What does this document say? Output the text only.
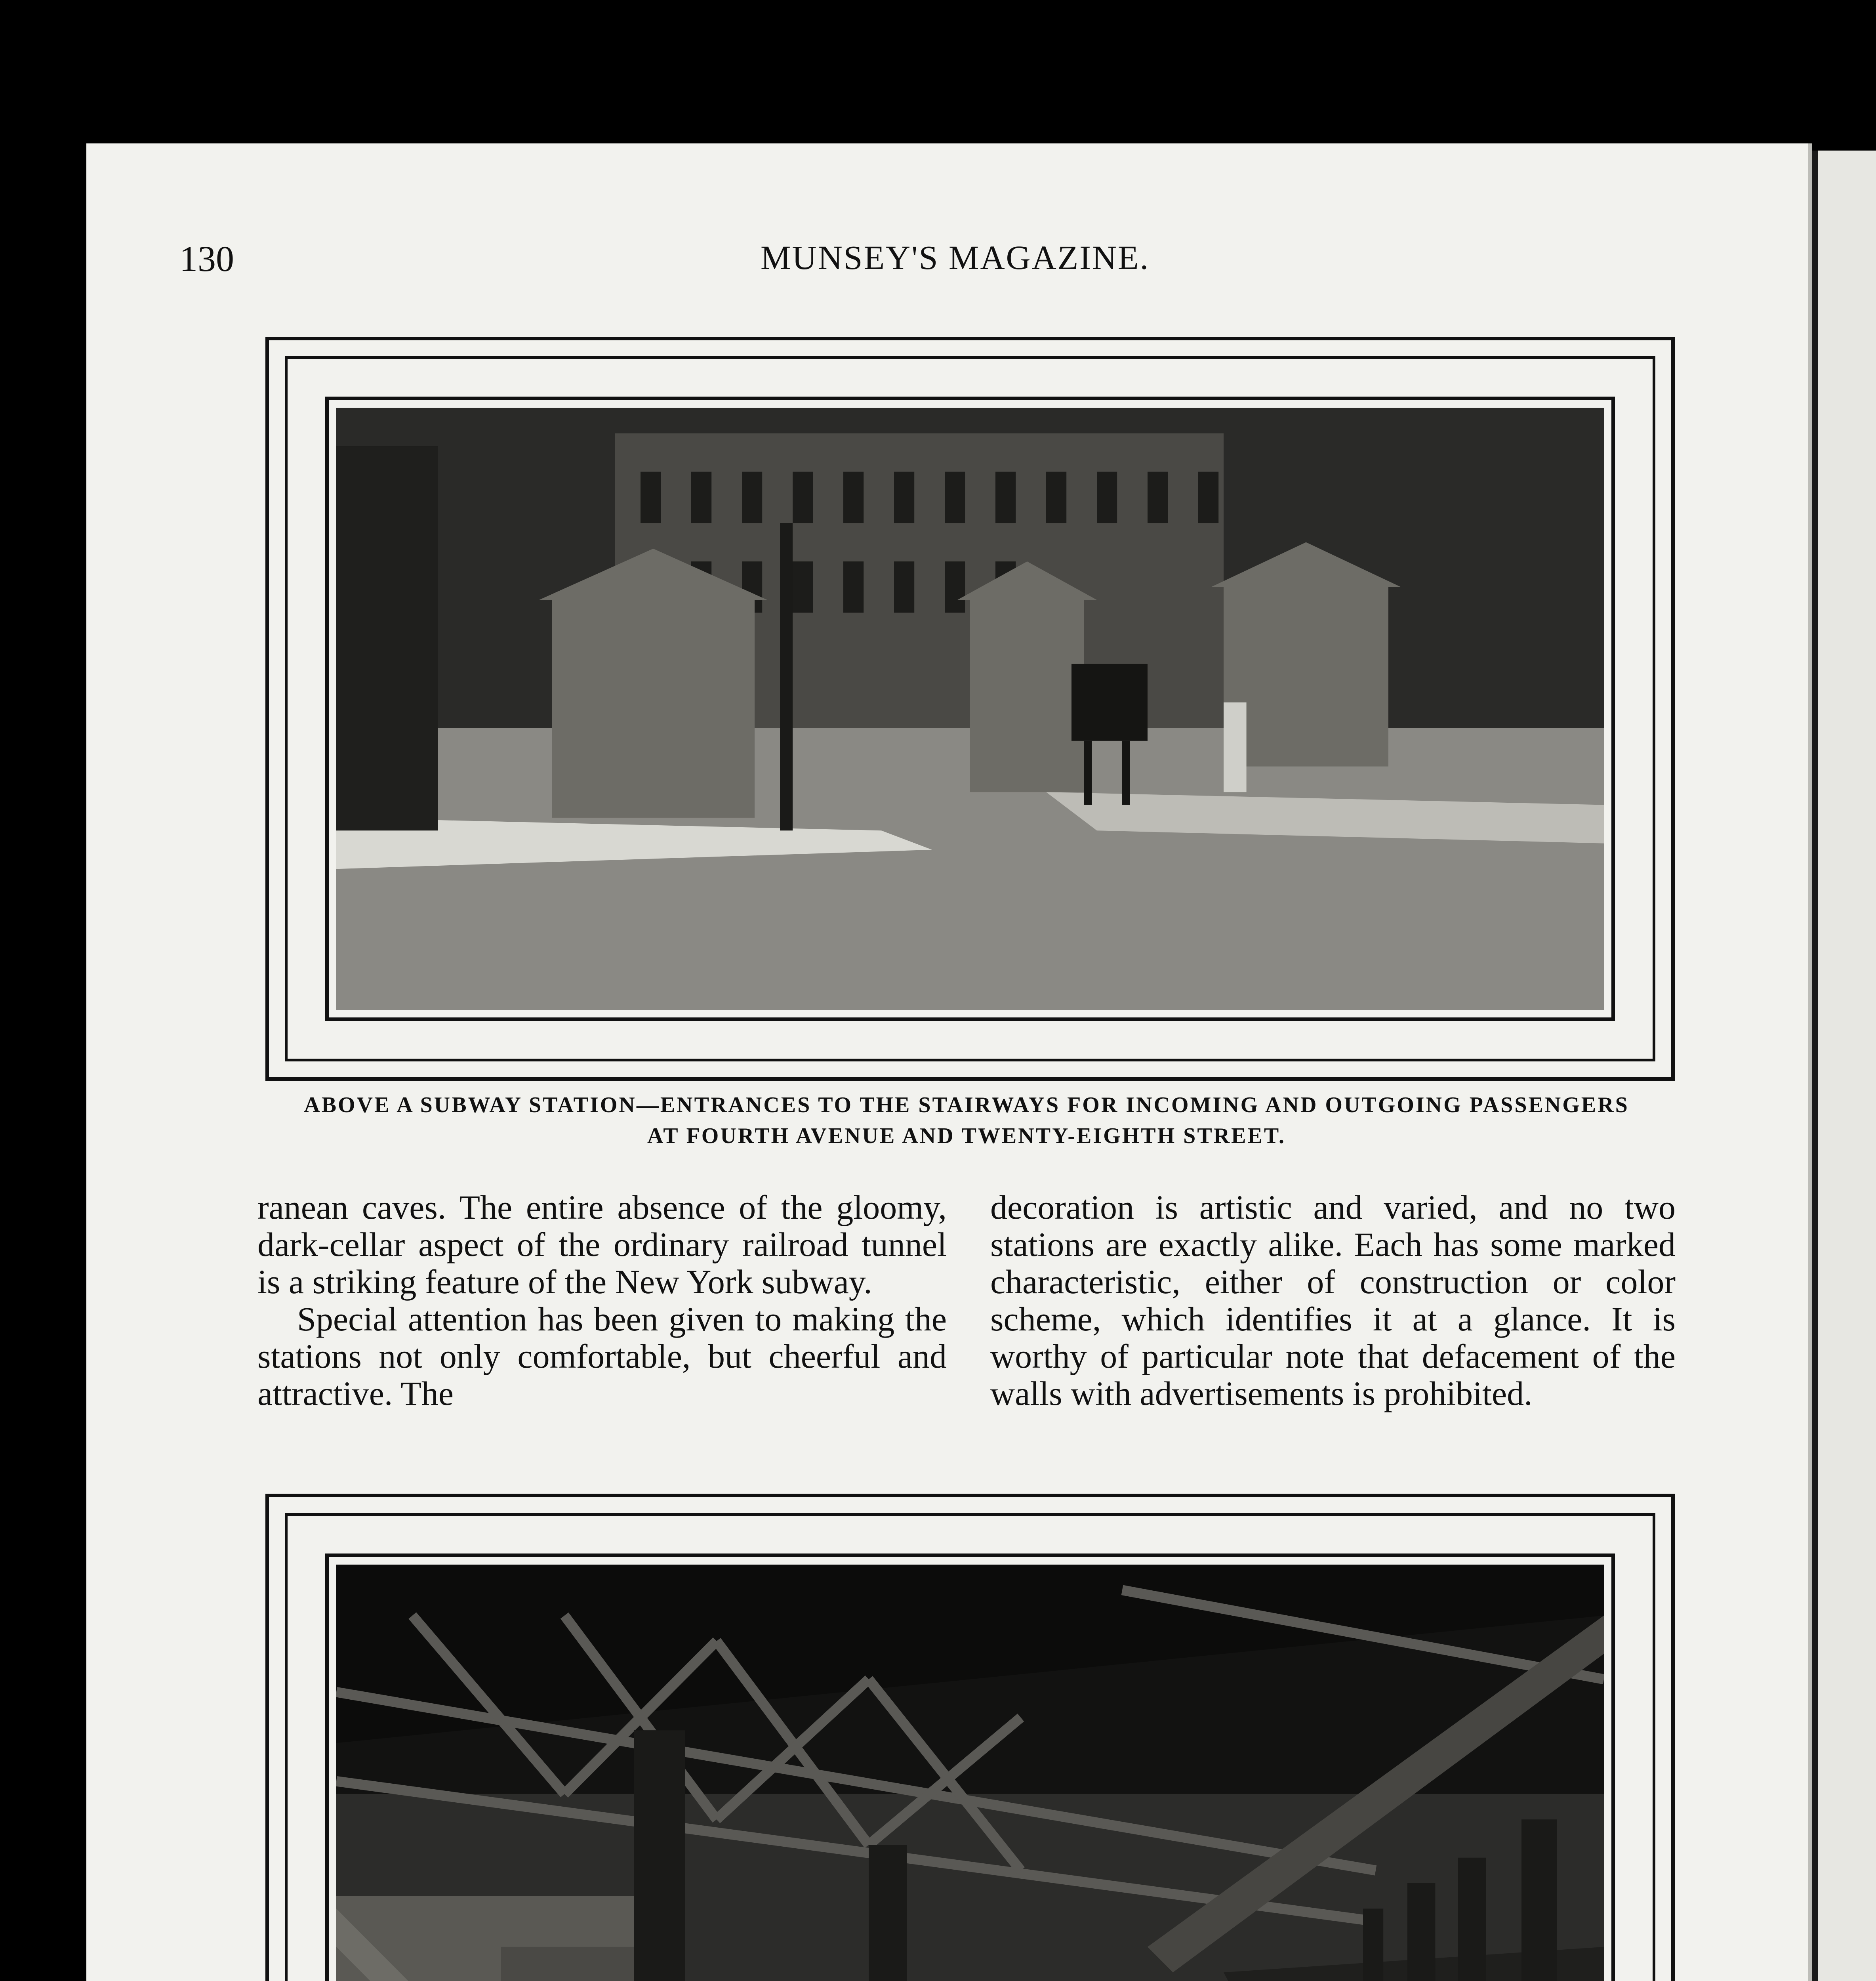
130	MUNSEY'S MAGAZINE.
ABOVE A SUBWAY STATION—ENTRANCES TO THE STAIRWAYS FOR INCOMING AND OUTGOING PASSENGERS AT FOURTH AVENUE AND TWENTY-EIGHTH STREET.

ranean caves. The entire absence of the gloomy, dark-cellar aspect of the ordinary railroad tunnel is a striking feature of the New York subway.

Special attention has been given to making the stations not only comfortable, but cheerful and attractive. The

decoration is artistic and varied, and no two stations are exactly alike. Each has some marked characteristic, either of construction or color scheme, which identifies it at a glance. It is worthy of particular note that defacement of the walls with advertisements is prohibited.
